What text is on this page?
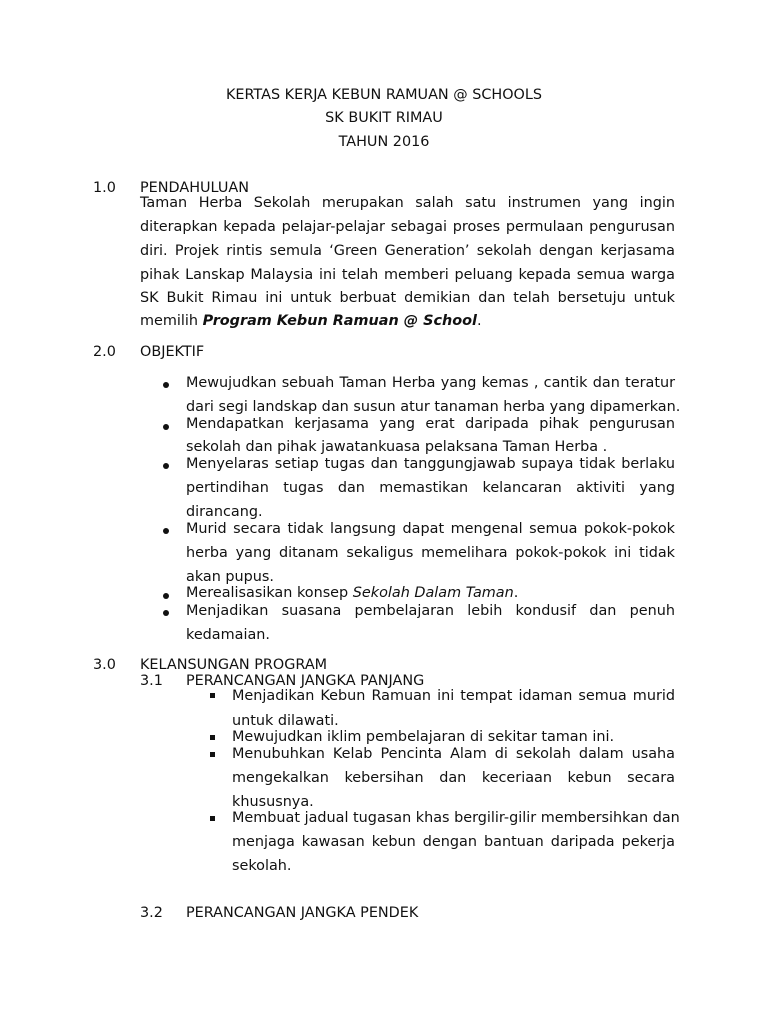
KERTAS KERJA KEBUN RAMUAN @ SCHOOLS
SK BUKIT RIMAU
TAHUN 2016
1.0 PENDAHULUAN
Taman Herba Sekolah merupakan salah satu instrumen yang ingin
diterapkan kepada pelajar-pelajar sebagai proses permulaan pengurusan
diri. Projek rintis semula ‘Green Generation’ sekolah dengan kerjasama
pihak Lanskap Malaysia ini telah memberi peluang kepada semua warga
SK Bukit Rimau ini untuk berbuat demikian dan telah bersetuju untuk
memilih Program Kebun Ramuan @ School.
2.0 OBJEKTIF
Mewujudkan sebuah Taman Herba yang kemas , cantik dan teratur
dari segi landskap dan susun atur tanaman herba yang dipamerkan.
Mendapatkan kerjasama yang erat daripada pihak pengurusan
sekolah dan pihak jawatankuasa pelaksana Taman Herba .
Menyelaras setiap tugas dan tanggungjawab supaya tidak berlaku
pertindihan tugas dan memastikan kelancaran aktiviti yang
dirancang.
Murid secara tidak langsung dapat mengenal semua pokok-pokok
herba yang ditanam sekaligus memelihara pokok-pokok ini tidak
akan pupus.
Merealisasikan konsep Sekolah Dalam Taman.
Menjadikan suasana pembelajaran lebih kondusif dan penuh
kedamaian.
3.0 KELANSUNGAN PROGRAM
3.1 PERANCANGAN JANGKA PANJANG
Menjadikan Kebun Ramuan ini tempat idaman semua murid
untuk dilawati.
Mewujudkan iklim pembelajaran di sekitar taman ini.
Menubuhkan Kelab Pencinta Alam di sekolah dalam usaha
mengekalkan kebersihan dan keceriaan kebun secara
khususnya.
Membuat jadual tugasan khas bergilir-gilir membersihkan dan
menjaga kawasan kebun dengan bantuan daripada pekerja
sekolah.
3.2 PERANCANGAN JANGKA PENDEK
